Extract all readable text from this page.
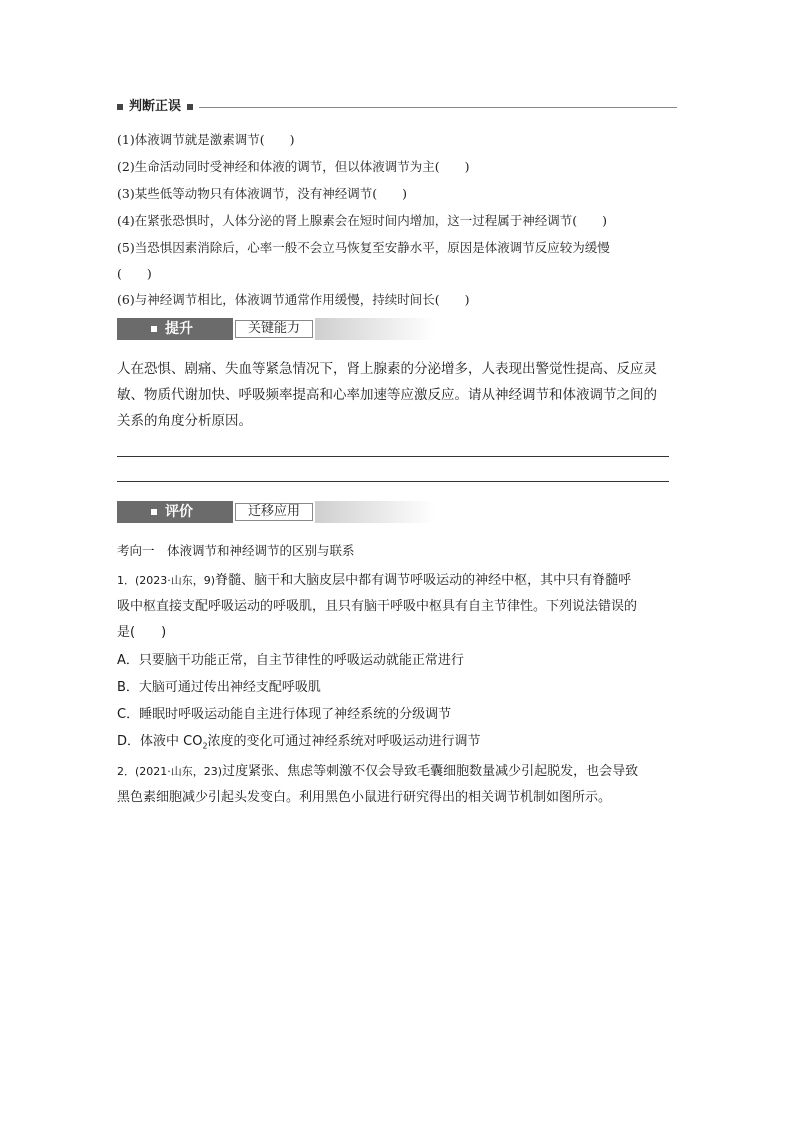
判断正误
(1)体液调节就是激素调节(　　)
(2)生命活动同时受神经和体液的调节，但以体液调节为主(　　)
(3)某些低等动物只有体液调节，没有神经调节(　　)
(4)在紧张恐惧时，人体分泌的肾上腺素会在短时间内增加，这一过程属于神经调节(　　)
(5)当恐惧因素消除后，心率一般不会立马恢复至安静水平，原因是体液调节反应较为缓慢
(　　)
(6)与神经调节相比，体液调节通常作用缓慢，持续时间长(　　)
提升	关键能力
人在恐惧、剧痛、失血等紧急情况下，肾上腺素的分泌增多，人表现出警觉性提高、反应灵
敏、物质代谢加快、呼吸频率提高和心率加速等应激反应。请从神经调节和体液调节之间的
关系的角度分析原因。
评价	迁移应用
考向一　体液调节和神经调节的区别与联系
1．(2023·山东，9)脊髓、脑干和大脑皮层中都有调节呼吸运动的神经中枢，其中只有脊髓呼
吸中枢直接支配呼吸运动的呼吸肌，且只有脑干呼吸中枢具有自主节律性。下列说法错误的
是(　　)
A．只要脑干功能正常，自主节律性的呼吸运动就能正常进行
B．大脑可通过传出神经支配呼吸肌
C．睡眠时呼吸运动能自主进行体现了神经系统的分级调节
D．体液中 $CO_2$浓度的变化可通过神经系统对呼吸运动进行调节
2．(2021·山东，23)过度紧张、焦虑等刺激不仅会导致毛囊细胞数量减少引起脱发，也会导致
黑色素细胞减少引起头发变白。利用黑色小鼠进行研究得出的相关调节机制如图所示。
